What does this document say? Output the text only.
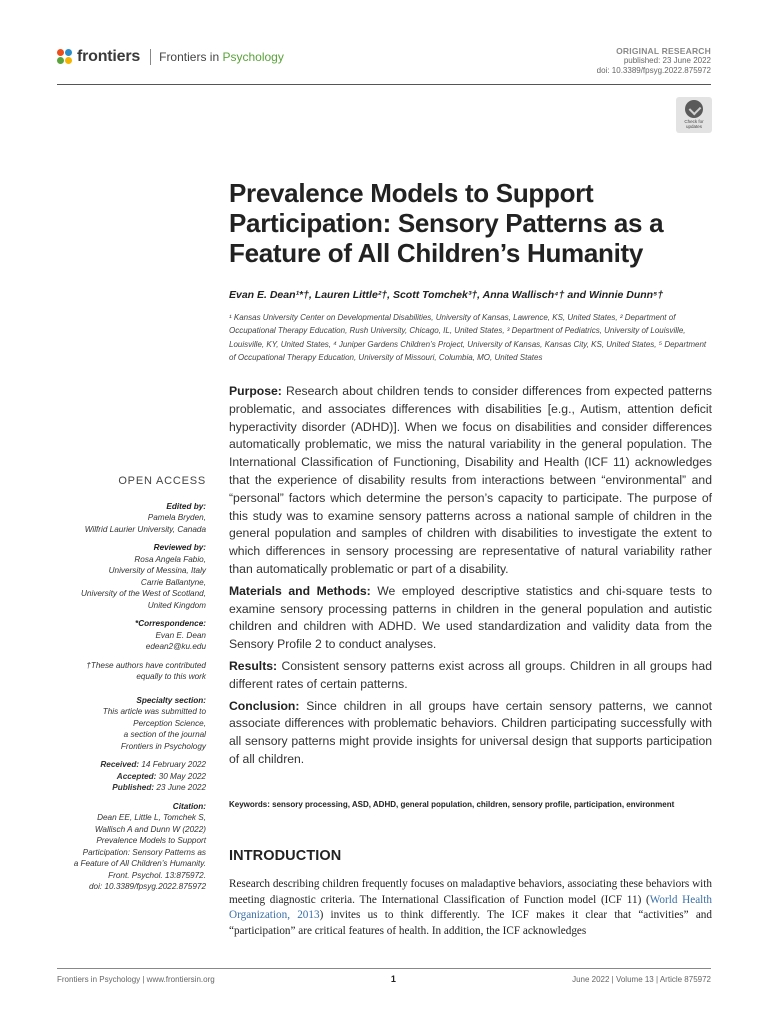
frontiers Frontiers in Psychology	ORIGINAL RESEARCH
published: 23 June 2022
doi: 10.3389/fpsyg.2022.875972
Check for updates
Prevalence Models to Support Participation: Sensory Patterns as a Feature of All Children’s Humanity
Evan E. Dean¹*†, Lauren Little²†, Scott Tomchek³†, Anna Wallisch⁴† and Winnie Dunn⁵†
¹ Kansas University Center on Developmental Disabilities, University of Kansas, Lawrence, KS, United States, ² Department of Occupational Therapy Education, Rush University, Chicago, IL, United States, ³ Department of Pediatrics, University of Louisville, Louisville, KY, United States, ⁴ Juniper Gardens Children’s Project, University of Kansas, Kansas City, KS, United States, ⁵ Department of Occupational Therapy Education, University of Missouri, Columbia, MO, United States
OPEN ACCESS
Edited by:
Pamela Bryden,
Wilfrid Laurier University, Canada
Reviewed by:
Rosa Angela Fabio,
University of Messina, Italy
Carrie Ballantyne,
University of the West of Scotland,
United Kingdom
*Correspondence:
Evan E. Dean
edean2@ku.edu
†These authors have contributed
equally to this work
Specialty section:
This article was submitted to
Perception Science,
a section of the journal
Frontiers in Psychology
Received: 14 February 2022
Accepted: 30 May 2022
Published: 23 June 2022
Citation:
Dean EE, Little L, Tomchek S,
Wallisch A and Dunn W (2022)
Prevalence Models to Support
Participation: Sensory Patterns as
a Feature of All Children’s Humanity.
Front. Psychol. 13:875972.
doi: 10.3389/fpsyg.2022.875972

Purpose: Research about children tends to consider differences from expected patterns problematic, and associates differences with disabilities [e.g., Autism, attention deficit hyperactivity disorder (ADHD)]. When we focus on disabilities and consider differences automatically problematic, we miss the natural variability in the general population. The International Classification of Functioning, Disability and Health (ICF 11) acknowledges that the experience of disability results from interactions between “environmental” and “personal” factors which determine the person’s capacity to participate. The purpose of this study was to examine sensory patterns across a national sample of children in the general population and samples of children with disabilities to investigate the extent to which differences in sensory processing are representative of natural variability rather than automatically problematic or part of a disability.

Materials and Methods: We employed descriptive statistics and chi-square tests to examine sensory processing patterns in children in the general population and autistic children and children with ADHD. We used standardization and validity data from the Sensory Profile 2 to conduct analyses.

Results: Consistent sensory patterns exist across all groups. Children in all groups had different rates of certain patterns.

Conclusion: Since children in all groups have certain sensory patterns, we cannot associate differences with problematic behaviors. Children participating successfully with all sensory patterns might provide insights for universal design that supports participation of all children.

Keywords: sensory processing, ASD, ADHD, general population, children, sensory profile, participation, environment
INTRODUCTION
Research describing children frequently focuses on maladaptive behaviors, associating these behaviors with meeting diagnostic criteria. The International Classification of Function model (ICF 11) (World Health Organization, 2013) invites us to think differently. The ICF makes it clear that “activities” and “participation” are critical features of health. In addition, the ICF acknowledges
Frontiers in Psychology | www.frontiersin.org	1	June 2022 | Volume 13 | Article 875972
